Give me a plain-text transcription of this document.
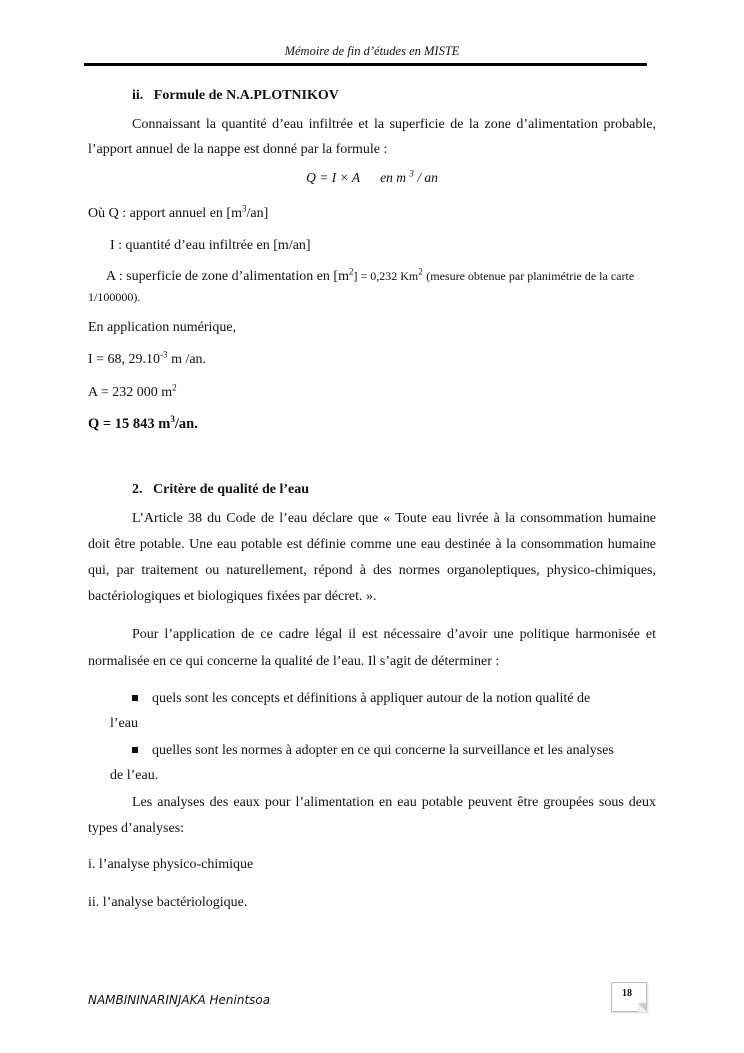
Mémoire de fin d’études en MISTE
ii. Formule de N.A.PLOTNIKOV
Connaissant la quantité d’eau infiltrée et la superficie de la zone d’alimentation probable, l’apport annuel de la nappe est donné par la formule :
Q = I × A en m $^3$ / an
Où Q : apport annuel en $[m^3/an]$
I : quantité d’eau infiltrée en [m/an]
A : superficie de zone d’alimentation en $[m^2] = 0,232$ Km$^2$ (mesure obtenue par planimétrie de la carte 1/100000).
En application numérique,
I = 68, $29.10^{-3}$ m /an.
A = 232 000 $m^2$
Q = 15 843 $m^3/an$.
2. Critère de qualité de l’eau
L’Article 38 du Code de l’eau déclare que « Toute eau livrée à la consommation humaine doit être potable. Une eau potable est définie comme une eau destinée à la consommation humaine qui, par traitement ou naturellement, répond à des normes organoleptiques, physico-chimiques, bactériologiques et biologiques fixées par décret. ».
Pour l’application de ce cadre légal il est nécessaire d’avoir une politique harmonisée et normalisée en ce qui concerne la qualité de l’eau. Il s’agit de déterminer :
quels sont les concepts et définitions à appliquer autour de la notion qualité de
l’eau
quelles sont les normes à adopter en ce qui concerne la surveillance et les analyses
de l’eau.
Les analyses des eaux pour l’alimentation en eau potable peuvent être groupées sous deux types d’analyses:
i. l’analyse physico-chimique
ii. l’analyse bactériologique.
NAMBININARINJAKA Henintsoa	18
